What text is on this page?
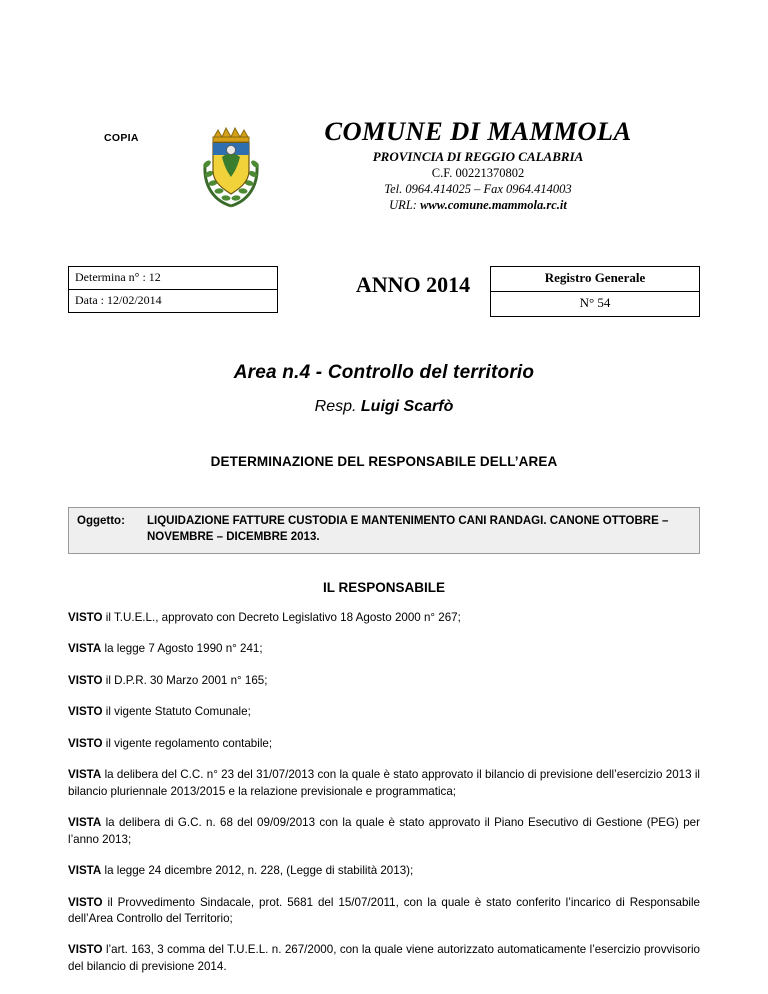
COPIA	COMUNE DI MAMMOLA
PROVINCIA DI REGGIO CALABRIA
C.F. 00221370802
Tel. 0964.414025 – Fax 0964.414003
URL: www.comune.mammola.rc.it
Determina n° : 12
Data : 12/02/2014
ANNO 2014	Registro Generale
N° 54
Area n.4 - Controllo del territorio
Resp. Luigi Scarfò
DETERMINAZIONE DEL RESPONSABILE DELL’AREA
Oggetto:	LIQUIDAZIONE FATTURE CUSTODIA E MANTENIMENTO CANI RANDAGI. CANONE OTTOBRE – NOVEMBRE – DICEMBRE 2013.
IL RESPONSABILE
VISTO il T.U.E.L., approvato con Decreto Legislativo 18 Agosto 2000 n° 267;
VISTA la legge 7 Agosto 1990 n° 241;
VISTO il D.P.R. 30 Marzo 2001 n° 165;
VISTO il vigente Statuto Comunale;
VISTO il vigente regolamento contabile;
VISTA la delibera del C.C. n° 23 del 31/07/2013 con la quale è stato approvato il bilancio di previsione dell’esercizio 2013 il bilancio pluriennale 2013/2015 e la relazione previsionale e programmatica;
VISTA la delibera di G.C. n. 68 del 09/09/2013 con la quale è stato approvato il Piano Esecutivo di Gestione (PEG) per l’anno 2013;
VISTA la legge 24 dicembre 2012, n. 228, (Legge di stabilità 2013);
VISTO il Provvedimento Sindacale, prot. 5681 del 15/07/2011, con la quale è stato conferito l’incarico di Responsabile dell’Area Controllo del Territorio;
VISTO l’art. 163, 3 comma del T.U.E.L. n. 267/2000, con la quale viene autorizzato automaticamente l’esercizio provvisorio del bilancio di previsione 2014.
